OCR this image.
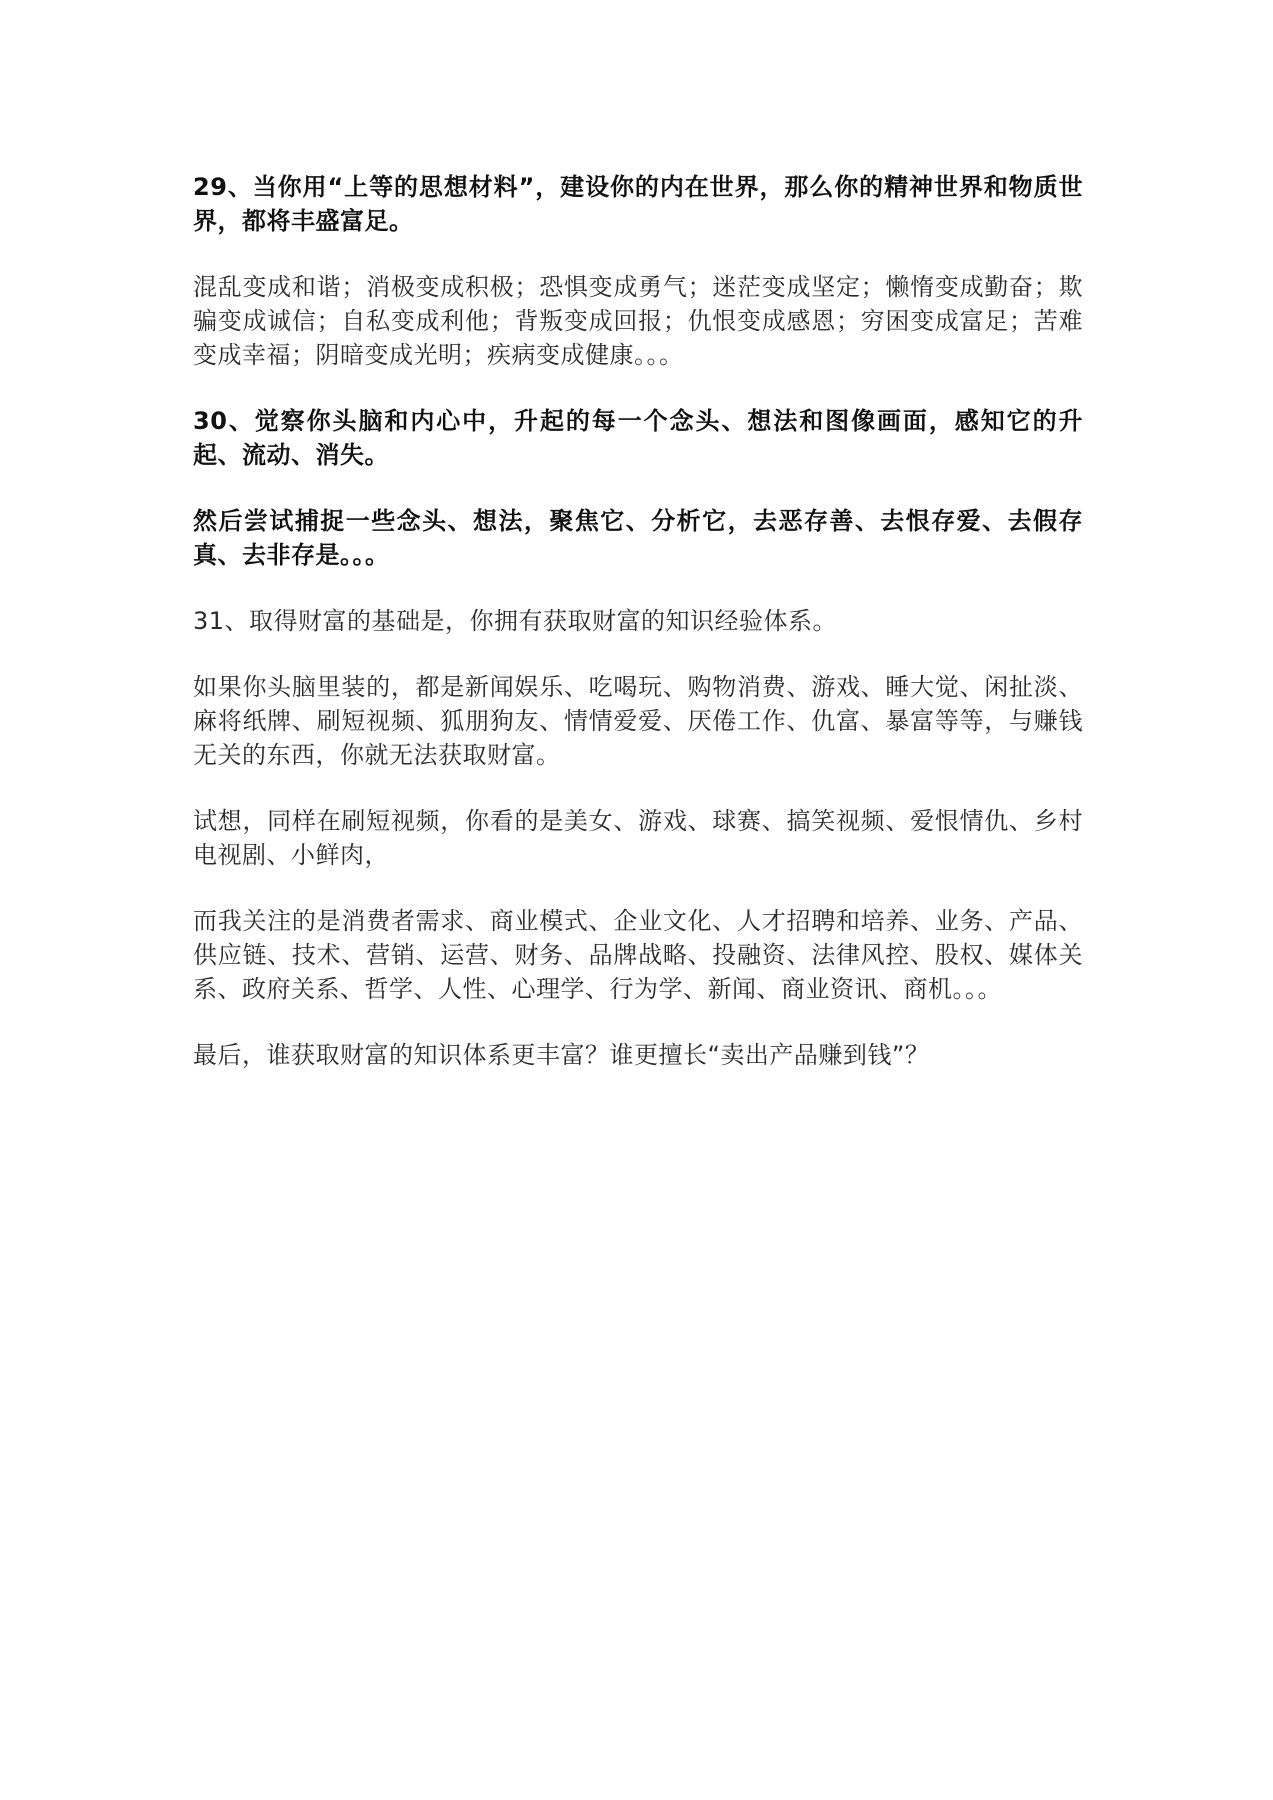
29、当你用“上等的思想材料”，建设你的内在世界，那么你的精神世界和物质世界，都将丰盛富足。

混乱变成和谐；消极变成积极；恐惧变成勇气；迷茫变成坚定；懒惰变成勤奋；欺骗变成诚信；自私变成利他；背叛变成回报；仇恨变成感恩；穷困变成富足；苦难变成幸福；阴暗变成光明；疾病变成健康。。。

30、觉察你头脑和内心中，升起的每一个念头、想法和图像画面，感知它的升起、流动、消失。

然后尝试捕捉一些念头、想法，聚焦它、分析它，去恶存善、去恨存爱、去假存真、去非存是。。。

31、取得财富的基础是，你拥有获取财富的知识经验体系。

如果你头脑里装的，都是新闻娱乐、吃喝玩、购物消费、游戏、睡大觉、闲扯淡、麻将纸牌、刷短视频、狐朋狗友、情情爱爱、厌倦工作、仇富、暴富等等，与赚钱无关的东西，你就无法获取财富。

试想，同样在刷短视频，你看的是美女、游戏、球赛、搞笑视频、爱恨情仇、乡村电视剧、小鲜肉，

而我关注的是消费者需求、商业模式、企业文化、人才招聘和培养、业务、产品、供应链、技术、营销、运营、财务、品牌战略、投融资、法律风控、股权、媒体关系、政府关系、哲学、人性、心理学、行为学、新闻、商业资讯、商机。。。

最后，谁获取财富的知识体系更丰富？谁更擅长“卖出产品赚到钱”？
